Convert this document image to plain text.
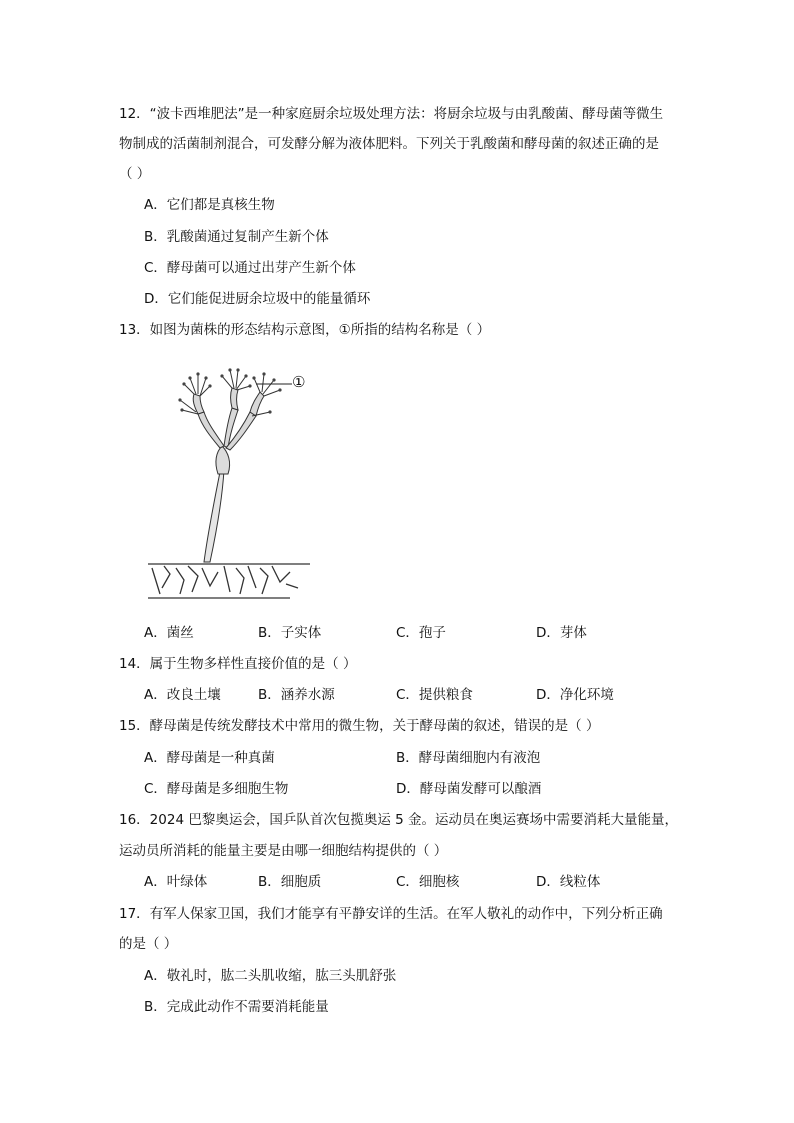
12．“波卡西堆肥法”是一种家庭厨余垃圾处理方法：将厨余垃圾与由乳酸菌、酵母菌等微生
物制成的活菌制剂混合，可发酵分解为液体肥料。下列关于乳酸菌和酵母菌的叙述正确的是
（ ）
A．它们都是真核生物
B．乳酸菌通过复制产生新个体
C．酵母菌可以通过出芽产生新个体
D．它们能促进厨余垃圾中的能量循环
13．如图为菌株的形态结构示意图，①所指的结构名称是（ ）
①
A．菌丝	B．子实体	C．孢子	D．芽体
14．属于生物多样性直接价值的是（ ）
A．改良土壤	B．涵养水源	C．提供粮食	D．净化环境
15．酵母菌是传统发酵技术中常用的微生物，关于酵母菌的叙述，错误的是（ ）
A．酵母菌是一种真菌	B．酵母菌细胞内有液泡
C．酵母菌是多细胞生物	D．酵母菌发酵可以酿酒
16．2024 巴黎奥运会，国乒队首次包揽奥运 5 金。运动员在奥运赛场中需要消耗大量能量，
运动员所消耗的能量主要是由哪一细胞结构提供的（ ）
A．叶绿体	B．细胞质	C．细胞核	D．线粒体
17．有军人保家卫国，我们才能享有平静安详的生活。在军人敬礼的动作中，下列分析正确
的是（ ）
A．敬礼时，肱二头肌收缩，肱三头肌舒张
B．完成此动作不需要消耗能量
